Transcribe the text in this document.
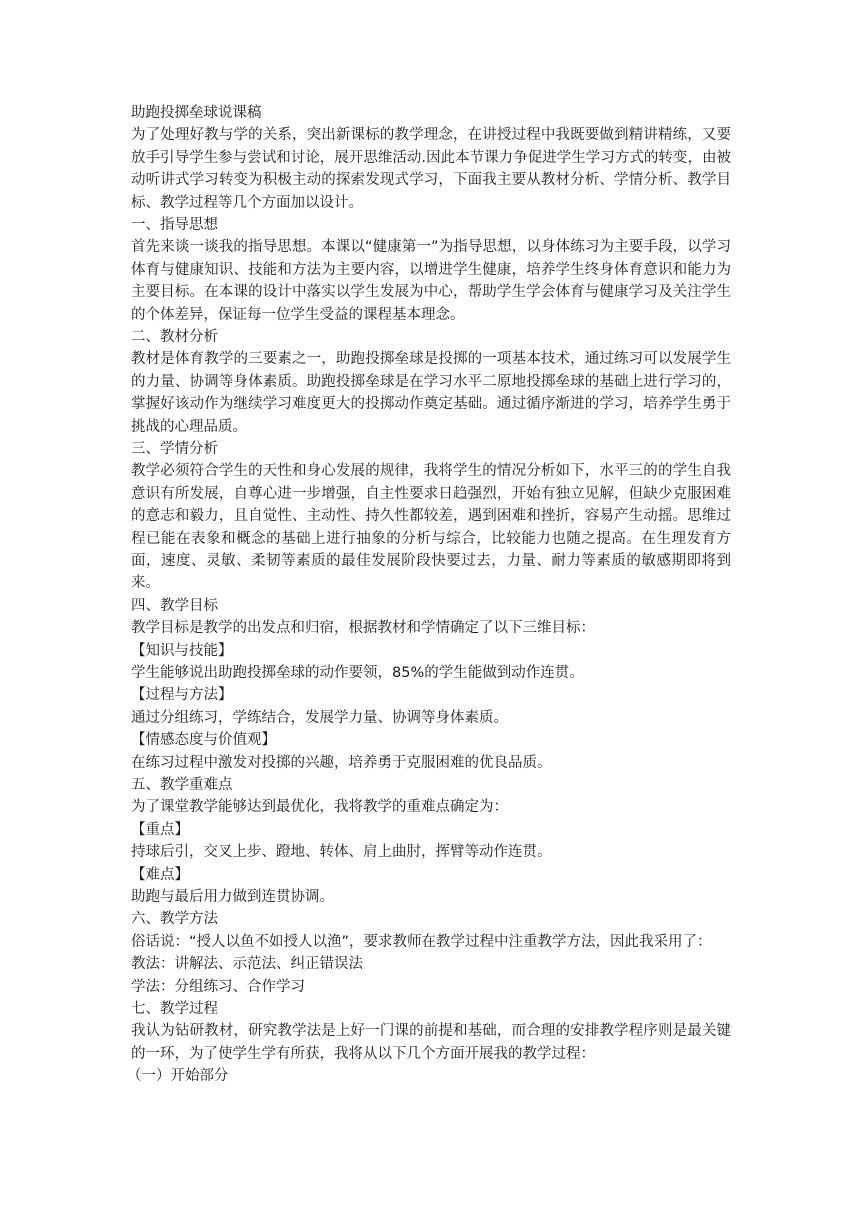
助跑投掷垒球说课稿

为了处理好教与学的关系，突出新课标的教学理念，在讲授过程中我既要做到精讲精练，又要放手引导学生参与尝试和讨论，展开思维活动.因此本节课力争促进学生学习方式的转变，由被动听讲式学习转变为积极主动的探索发现式学习，下面我主要从教材分析、学情分析、教学目标、教学过程等几个方面加以设计。

一、指导思想

首先来谈一谈我的指导思想。本课以“健康第一”为指导思想，以身体练习为主要手段，以学习体育与健康知识、技能和方法为主要内容，以增进学生健康，培养学生终身体育意识和能力为主要目标。在本课的设计中落实以学生发展为中心，帮助学生学会体育与健康学习及关注学生的个体差异，保证每一位学生受益的课程基本理念。

二、教材分析

教材是体育教学的三要素之一，助跑投掷垒球是投掷的一项基本技术，通过练习可以发展学生的力量、协调等身体素质。助跑投掷垒球是在学习水平二原地投掷垒球的基础上进行学习的，掌握好该动作为继续学习难度更大的投掷动作奠定基础。通过循序渐进的学习，培养学生勇于挑战的心理品质。

三、学情分析

教学必须符合学生的天性和身心发展的规律，我将学生的情况分析如下，水平三的的学生自我意识有所发展，自尊心进一步增强，自主性要求日趋强烈，开始有独立见解，但缺少克服困难的意志和毅力，且自觉性、主动性、持久性都较差，遇到困难和挫折，容易产生动摇。思维过程已能在表象和概念的基础上进行抽象的分析与综合，比较能力也随之提高。在生理发育方面，速度、灵敏、柔韧等素质的最佳发展阶段快要过去，力量、耐力等素质的敏感期即将到来。

四、教学目标
教学目标是教学的出发点和归宿，根据教材和学情确定了以下三维目标：
【知识与技能】
学生能够说出助跑投掷垒球的动作要领，85%的学生能做到动作连贯。
【过程与方法】
通过分组练习，学练结合，发展学力量、协调等身体素质。
【情感态度与价值观】
在练习过程中激发对投掷的兴趣，培养勇于克服困难的优良品质。
五、教学重难点
为了课堂教学能够达到最优化，我将教学的重难点确定为：
【重点】
持球后引，交叉上步、蹬地、转体、肩上曲肘，挥臂等动作连贯。
【难点】
助跑与最后用力做到连贯协调。
六、教学方法
俗话说：“授人以鱼不如授人以渔”，要求教师在教学过程中注重教学方法，因此我采用了：
教法：讲解法、示范法、纠正错误法
学法：分组练习、合作学习
七、教学过程

我认为钻研教材，研究教学法是上好一门课的前提和基础，而合理的安排教学程序则是最关键的一环，为了使学生学有所获，我将从以下几个方面开展我的教学过程：

（一）开始部分
